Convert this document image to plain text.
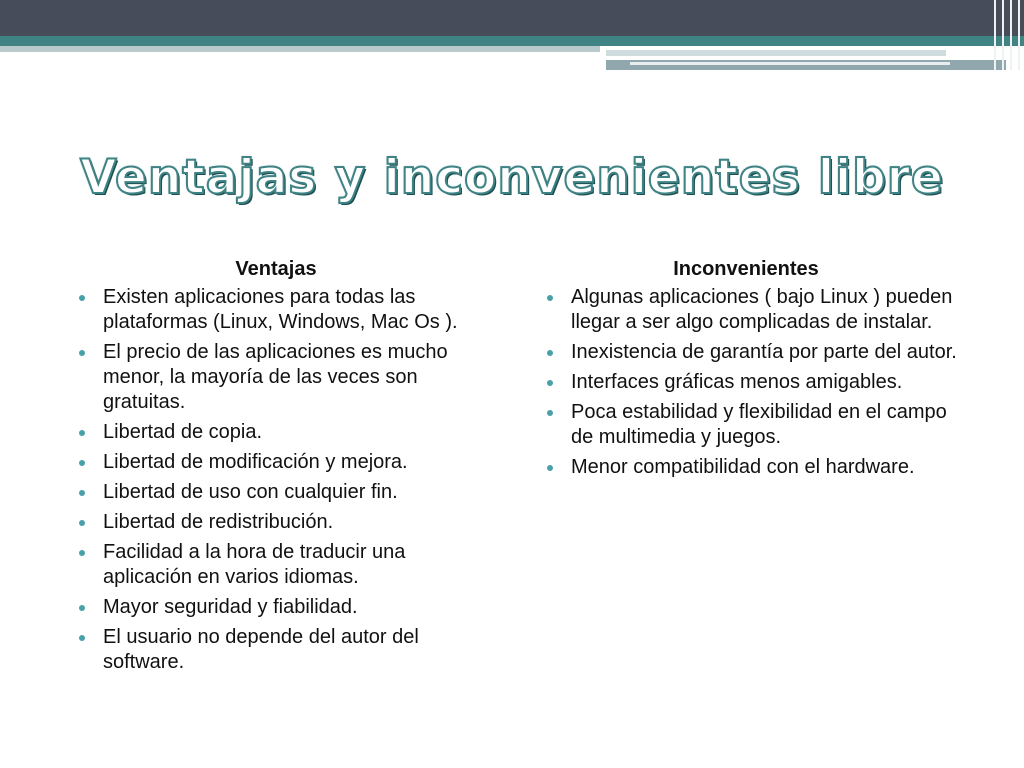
Ventajas y inconvenientes libre
Ventajas
Existen aplicaciones para todas las plataformas (Linux, Windows, Mac Os ).
El precio de las aplicaciones es mucho menor, la mayoría de las veces son gratuitas.
Libertad de copia.
Libertad de modificación y mejora.
Libertad de uso con cualquier fin.
Libertad de redistribución.
Facilidad a la hora de traducir una aplicación en varios idiomas.
Mayor seguridad y fiabilidad.
El usuario no depende del autor del software.
Inconvenientes
Algunas aplicaciones ( bajo Linux ) pueden llegar a ser algo complicadas de instalar.
Inexistencia de garantía por parte del autor.
Interfaces gráficas menos amigables.
Poca estabilidad y flexibilidad en el campo de multimedia y juegos.
Menor compatibilidad con el hardware.
